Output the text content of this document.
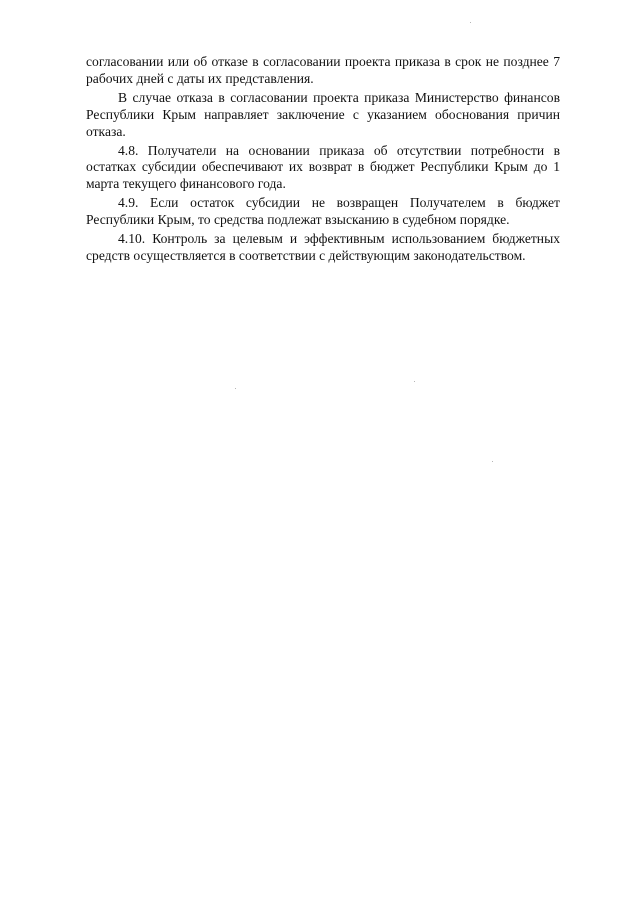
согласовании или об отказе в согласовании проекта приказа в срок не позднее 7 рабочих дней с даты их представления.

В случае отказа в согласовании проекта приказа Министерство финансов Республики Крым направляет заключение с указанием обоснования причин отказа.

4.8. Получатели на основании приказа об отсутствии потребности в остатках субсидии обеспечивают их возврат в бюджет Республики Крым до 1 марта текущего финансового года.

4.9. Если остаток субсидии не возвращен Получателем в бюджет Республики Крым, то средства подлежат взысканию в судебном порядке.

4.10. Контроль за целевым и эффективным использованием бюджетных средств осуществляется в соответствии с действующим законодательством.
